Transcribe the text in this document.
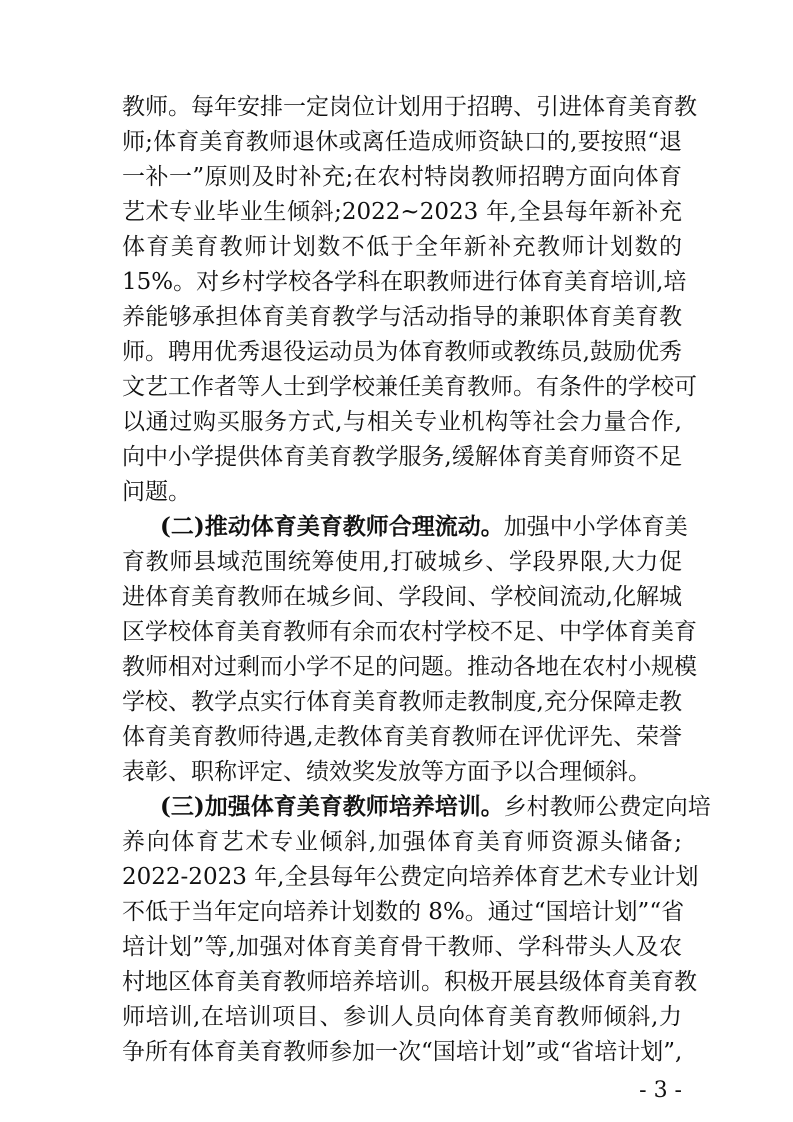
教师。每年安排一定岗位计划用于招聘、引进体育美育教
师;体育美育教师退休或离任造成师资缺口的,要按照“退
一补一”原则及时补充;在农村特岗教师招聘方面向体育
艺术专业毕业生倾斜;2022~2023 年,全县每年新补充
体育美育教师计划数不低于全年新补充教师计划数的
15%。对乡村学校各学科在职教师进行体育美育培训,培
养能够承担体育美育教学与活动指导的兼职体育美育教
师。聘用优秀退役运动员为体育教师或教练员,鼓励优秀
文艺工作者等人士到学校兼任美育教师。有条件的学校可
以通过购买服务方式,与相关专业机构等社会力量合作,
向中小学提供体育美育教学服务,缓解体育美育师资不足
问题。
(二)推动体育美育教师合理流动。加强中小学体育美
育教师县域范围统筹使用,打破城乡、学段界限,大力促
进体育美育教师在城乡间、学段间、学校间流动,化解城
区学校体育美育教师有余而农村学校不足、中学体育美育
教师相对过剩而小学不足的问题。推动各地在农村小规模
学校、教学点实行体育美育教师走教制度,充分保障走教
体育美育教师待遇,走教体育美育教师在评优评先、荣誉
表彰、职称评定、绩效奖发放等方面予以合理倾斜。
(三)加强体育美育教师培养培训。乡村教师公费定向培
养向体育艺术专业倾斜,加强体育美育师资源头储备;
2022-2023 年,全县每年公费定向培养体育艺术专业计划
不低于当年定向培养计划数的 8%。通过“国培计划”“省
培计划”等,加强对体育美育骨干教师、学科带头人及农
村地区体育美育教师培养培训。积极开展县级体育美育教
师培训,在培训项目、参训人员向体育美育教师倾斜,力
争所有体育美育教师参加一次“国培计划”或“省培计划”,
- 3 -
